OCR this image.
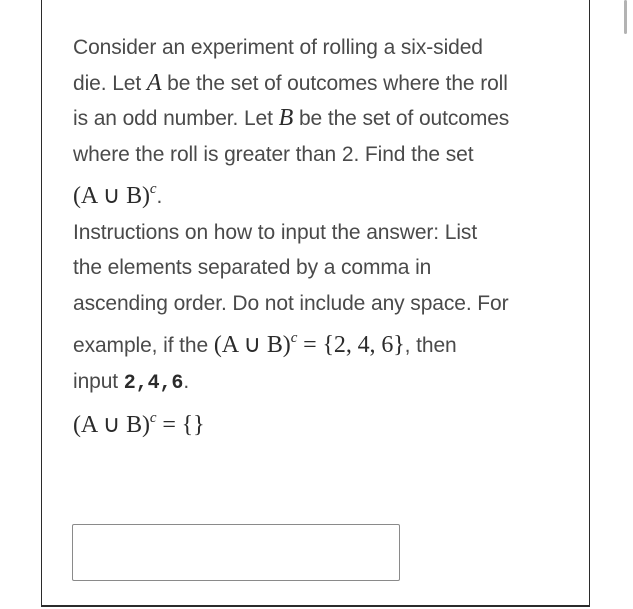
Consider an experiment of rolling a six-sided

die. Let A be the set of outcomes where the roll

is an odd number. Let B be the set of outcomes

where the roll is greater than 2. Find the set

(A ∪ B)$^c$.

Instructions on how to input the answer: List

the elements separated by a comma in

ascending order. Do not include any space. For

example, if the (A ∪ B)$^c$ = {2, 4, 6}, then

input 2,4,6.

(A ∪ B)$^c$ = {}
